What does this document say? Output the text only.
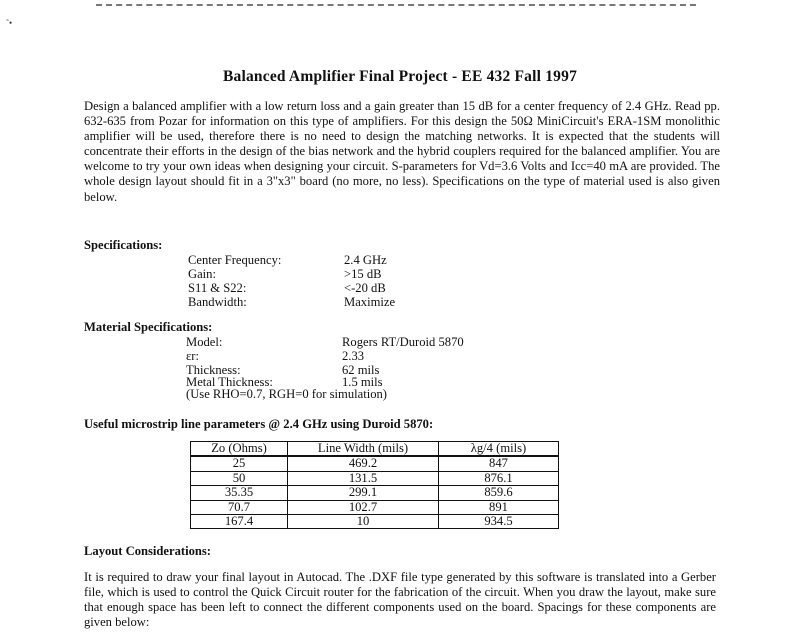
˜•
Balanced Amplifier Final Project - EE 432 Fall 1997
Design a balanced amplifier with a low return loss and a gain greater than 15 dB for a center frequency of 2.4 GHz. Read pp. 632-635 from Pozar for information on this type of amplifiers. For this design the 50Ω MiniCircuit's ERA-1SM monolithic amplifier will be used, therefore there is no need to design the matching networks. It is expected that the students will concentrate their efforts in the design of the bias network and the hybrid couplers required for the balanced amplifier. You are welcome to try your own ideas when designing your circuit. S-parameters for Vd=3.6 Volts and Icc=40 mA are provided. The whole design layout should fit in a 3"x3" board (no more, no less). Specifications on the type of material used is also given below.
Specifications:
Center Frequency:	2.4 GHz
Gain:	>15 dB
S11 & S22:	<-20 dB
Bandwidth:	Maximize
Material Specifications:
Model:	Rogers RT/Duroid 5870
εr:	2.33
Thickness:	62 mils
Metal Thickness:	1.5 mils
(Use RHO=0.7, RGH=0 for simulation)
Useful microstrip line parameters @ 2.4 GHz using Duroid 5870:
Zo (Ohms)	Line Width (mils)	λg/4 (mils)
25	469.2	847
50	131.5	876.1
35.35	299.1	859.6
70.7	102.7	891
167.4	10	934.5
Layout Considerations:
It is required to draw your final layout in Autocad. The .DXF file type generated by this software is translated into a Gerber file, which is used to control the Quick Circuit router for the fabrication of the circuit. When you draw the layout, make sure that enough space has been left to connect the different components used on the board. Spacings for these components are given below:
